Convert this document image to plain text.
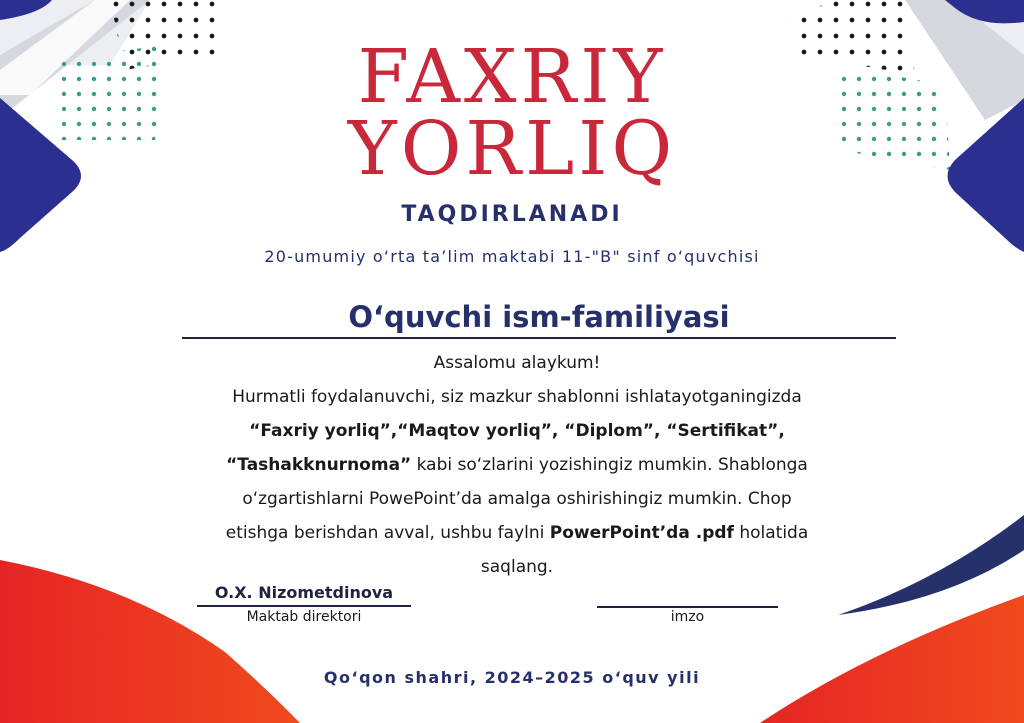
FAXRIY
YORLIQ
TAQDIRLANADI
20-umumiy o‘rta ta’lim maktabi 11-"B" sinf o‘quvchisi
O‘quvchi ism-familiyasi
Assalomu alaykum!
Hurmatli foydalanuvchi, siz mazkur shablonni ishlatayotganingizda
“Faxriy yorliq”,“Maqtov yorliq”, “Diplom”, “Sertifikat”,
“Tashakknurnoma” kabi so‘zlarini yozishingiz mumkin. Shablonga
o‘zgartishlarni PowePoint’da amalga oshirishingiz mumkin. Chop
etishga berishdan avval, ushbu faylni PowerPoint’da .pdf holatida
saqlang.
O.X. Nizometdinova
Maktab direktori	imzo
Qo‘qon shahri, 2024–2025 o‘quv yili
